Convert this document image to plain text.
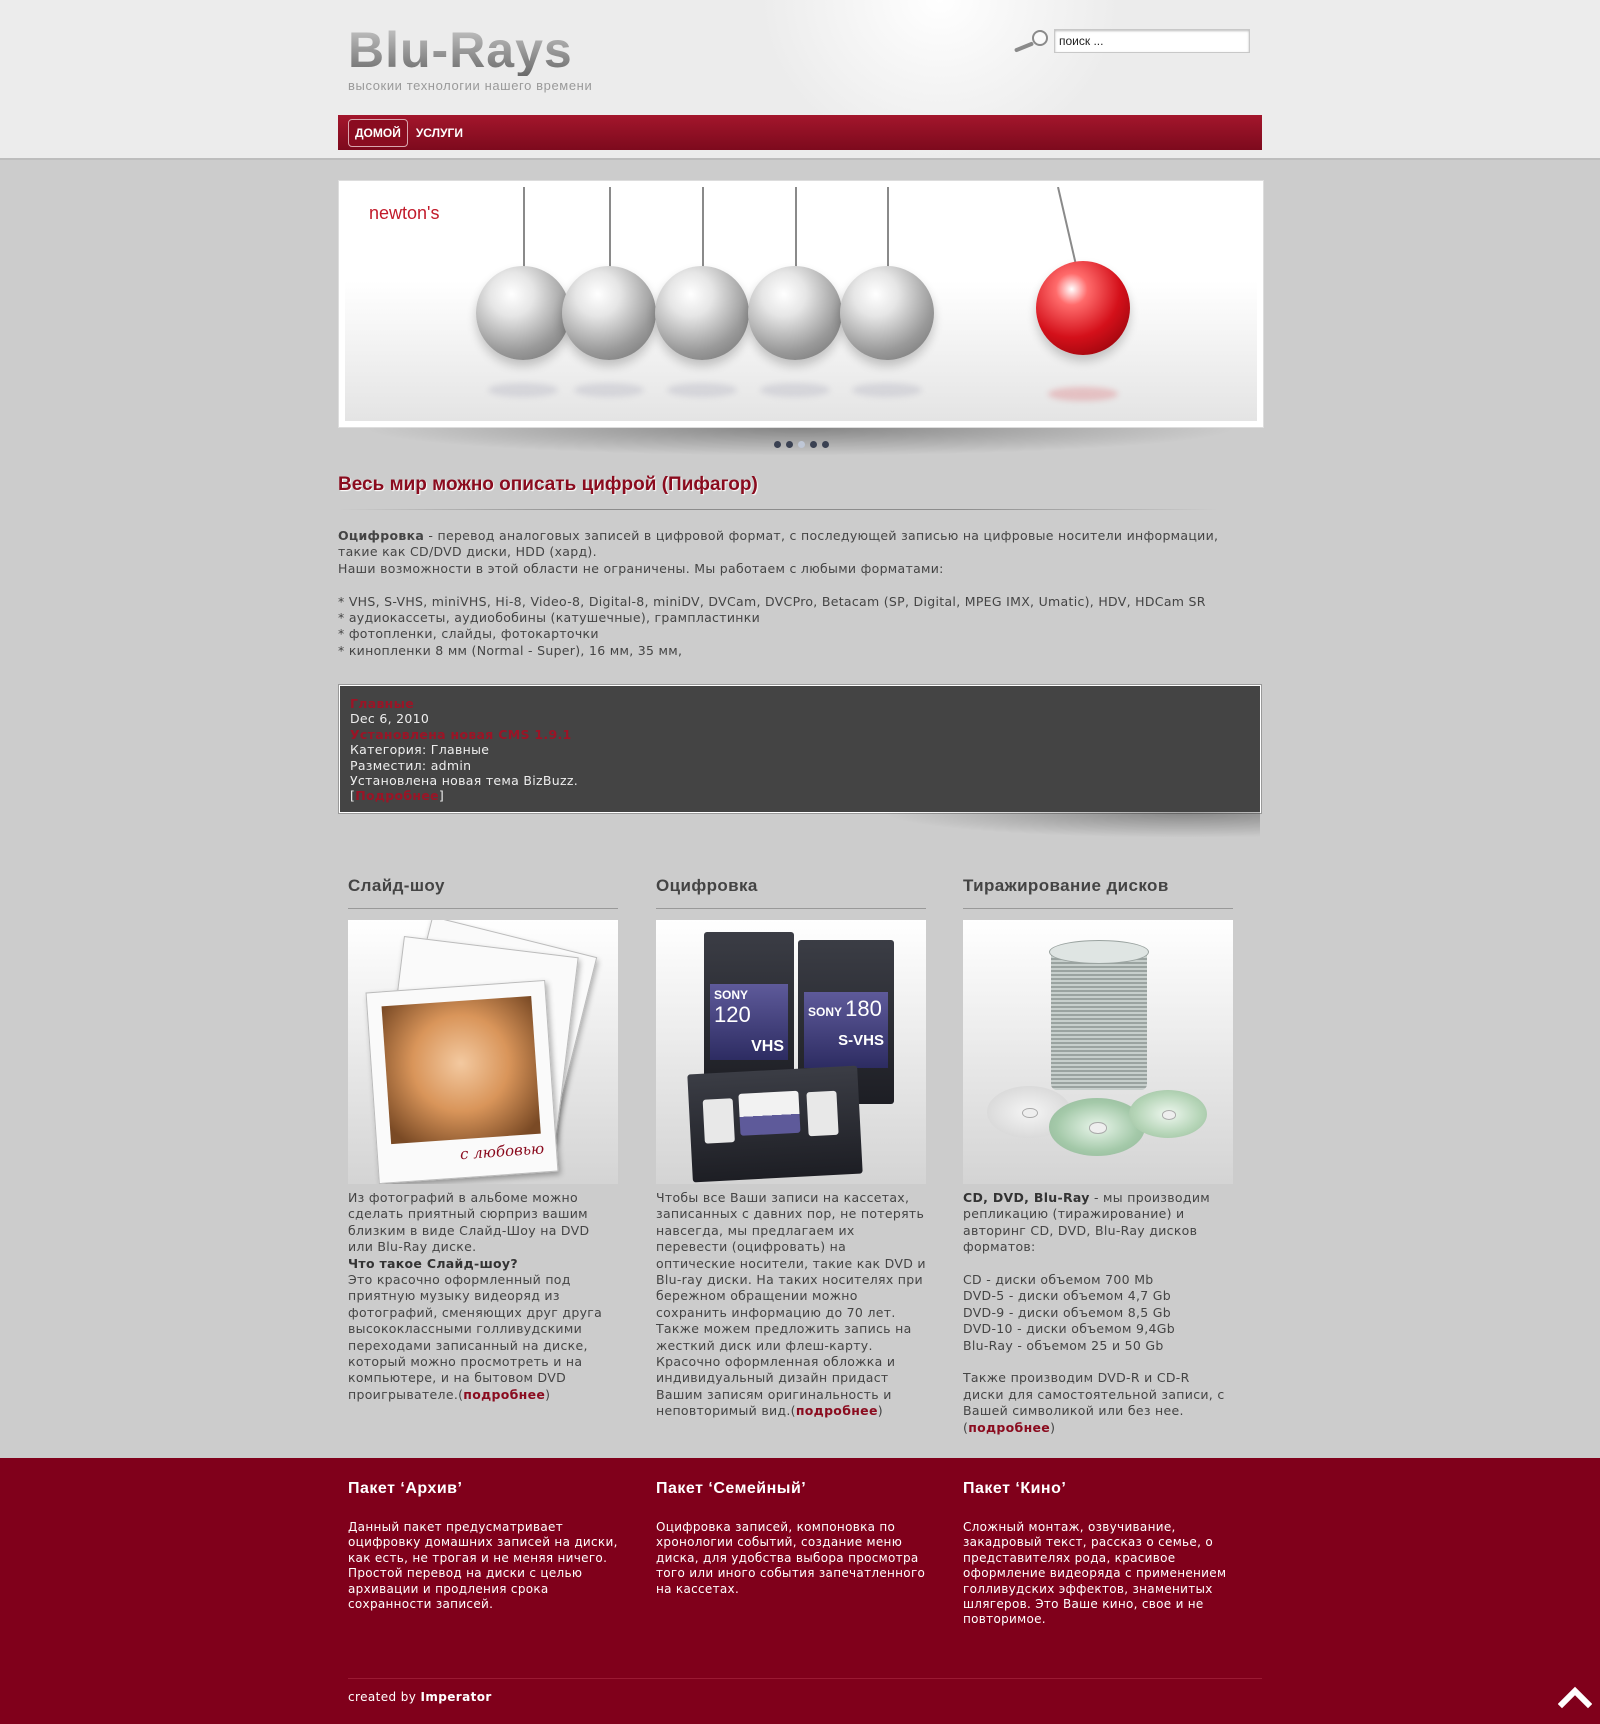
Blu-Rays
высокии технологии нашего времени
поиск ...
ДОМОЙ	УСЛУГИ
newton's
Весь мир можно описать цифрой (Пифагор)

Оцифровка - перевод аналоговых записей в цифровой формат, с последующей записью на цифровые носители информации, такие как CD/DVD диски, HDD (хард).

Наши возможности в этой области не ограничены. Мы работаем с любыми форматами:

* VHS, S-VHS, miniVHS, Hi-8, Video-8, Digital-8, miniDV, DVCam, DVCPro, Betacam (SP, Digital, MPEG IMX, Umatic), HDV, HDCam SR

* аудиокассеты, аудиобобины (катушечные), грампластинки

* фотопленки, слайды, фотокарточки

* кинопленки 8 мм (Normal - Super), 16 мм, 35 мм,

Главные
Dec 6, 2010
Установлена новая CMS 1.9.1
Категория: Главные
Разместил: admin
Установлена новая тема BizBuzz.
[Подробнее]
Слайд-шоу
с любовью
Из фотографий в альбоме можно сделать приятный сюрприз вашим близким в виде Слайд-Шоу на DVD или Blu-Ray диске.
Что такое Слайд-шоу?
Это красочно оформленный под приятную музыку видеоряд из фотографий, сменяющих друг друга высококлассными голливудскими переходами записанный на диске, который можно просмотреть и на компьютере, и на бытовом DVD проигрывателе.(подробнее)
Оцифровка
SONY 120
VHS
SONY 180
S-VHS
Чтобы все Ваши записи на кассетах, записанных с давних пор, не потерять навсегда, мы предлагаем их перевести (оцифровать) на оптические носители, такие как DVD и Blu-ray диски. На таких носителях при бережном обращении можно сохранить информацию до 70 лет. Также можем предложить запись на жесткий диск или флеш-карту. Красочно оформленная обложка и индивидуальный дизайн придаст Вашим записям оригинальность и неповторимый вид.(подробнее)
Тиражирование дисков
CD, DVD, Blu-Ray - мы производим репликацию (тиражирование) и авторинг CD, DVD, Blu-Ray дисков форматов:

CD - диски объемом 700 Mb
DVD-5 - диски объемом 4,7 Gb
DVD-9 - диски объемом 8,5 Gb
DVD-10 - диски объемом 9,4Gb
Blu-Ray - объемом 25 и 50 Gb

Также производим DVD-R и CD-R диски для самостоятельной записи, с Вашей символикой или без нее.(подробнее)
Пакет ‘Архив’

Данный пакет предусматривает оцифровку домашних записей на диски, как есть, не трогая и не меняя ничего. Простой перевод на диски с целью архивации и продления срока сохранности записей.

Пакет ‘Семейный’

Оцифровка записей, компоновка по хронологии событий, создание меню диска, для удобства выбора просмотра того или иного события запечатленного на кассетах.

Пакет ‘Кино’

Сложный монтаж, озвучивание, закадровый текст, рассказ о семье, о представителях рода, красивое оформление видеоряда с применением голливудских эффектов, знаменитых шлягеров. Это Ваше кино, свое и не повторимое.

created by Imperator
